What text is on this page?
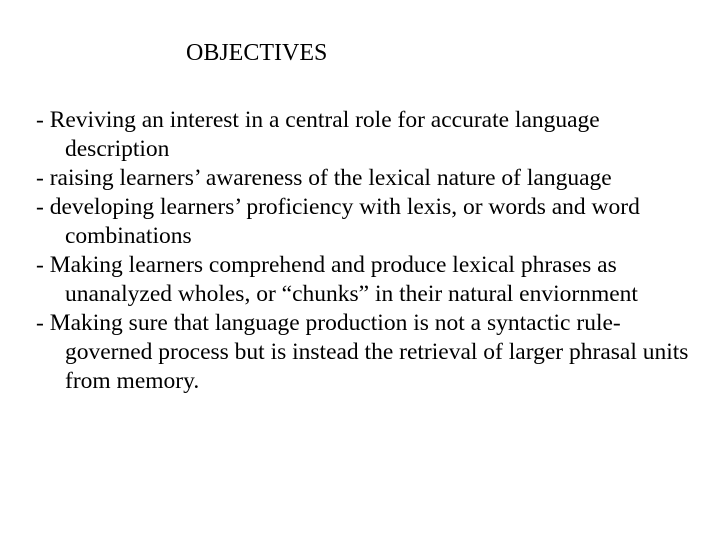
OBJECTIVES
- Reviving an interest in a central role for accurate language description
- raising learners’ awareness of the lexical nature of language
- developing learners’ proficiency with lexis, or words and word combinations
- Making learners comprehend and produce lexical phrases as unanalyzed wholes, or “chunks” in their natural enviornment
- Making sure that language production is not a syntactic rule-governed process but is instead the retrieval of larger phrasal units from memory.
